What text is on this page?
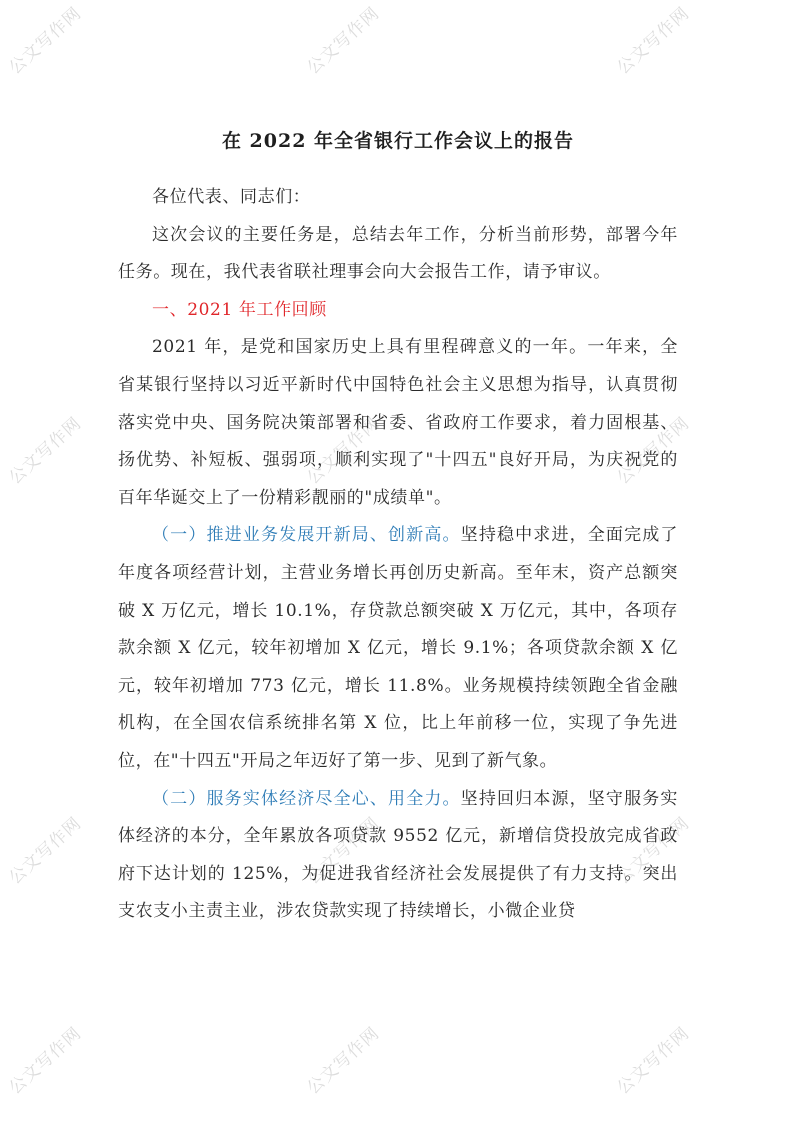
公文写作网	公文写作网	公文写作网
公文写作网	公文写作网	公文写作网
公文写作网	公文写作网	公文写作网
公文写作网	公文写作网	公文写作网
在 2022 年全省银行工作会议上的报告

各位代表、同志们：

这次会议的主要任务是，总结去年工作，分析当前形势，部署今年任务。现在，我代表省联社理事会向大会报告工作，请予审议。

一、2021 年工作回顾

2021 年，是党和国家历史上具有里程碑意义的一年。一年来，全省某银行坚持以习近平新时代中国特色社会主义思想为指导，认真贯彻落实党中央、国务院决策部署和省委、省政府工作要求，着力固根基、扬优势、补短板、强弱项，顺利实现了"十四五"良好开局，为庆祝党的百年华诞交上了一份精彩靓丽的"成绩单"。

（一）推进业务发展开新局、创新高。坚持稳中求进，全面完成了年度各项经营计划，主营业务增长再创历史新高。至年末，资产总额突破 X 万亿元，增长 10.1%，存贷款总额突破 X 万亿元，其中，各项存款余额 X 亿元，较年初增加 X 亿元，增长 9.1%；各项贷款余额 X 亿元，较年初增加 773 亿元，增长 11.8%。业务规模持续领跑全省金融机构，在全国农信系统排名第 X 位，比上年前移一位，实现了争先进位，在"十四五"开局之年迈好了第一步、见到了新气象。

（二）服务实体经济尽全心、用全力。坚持回归本源，坚守服务实体经济的本分，全年累放各项贷款 9552 亿元，新增信贷投放完成省政府下达计划的 125%，为促进我省经济社会发展提供了有力支持。突出支农支小主责主业，涉农贷款实现了持续增长，小微企业贷
